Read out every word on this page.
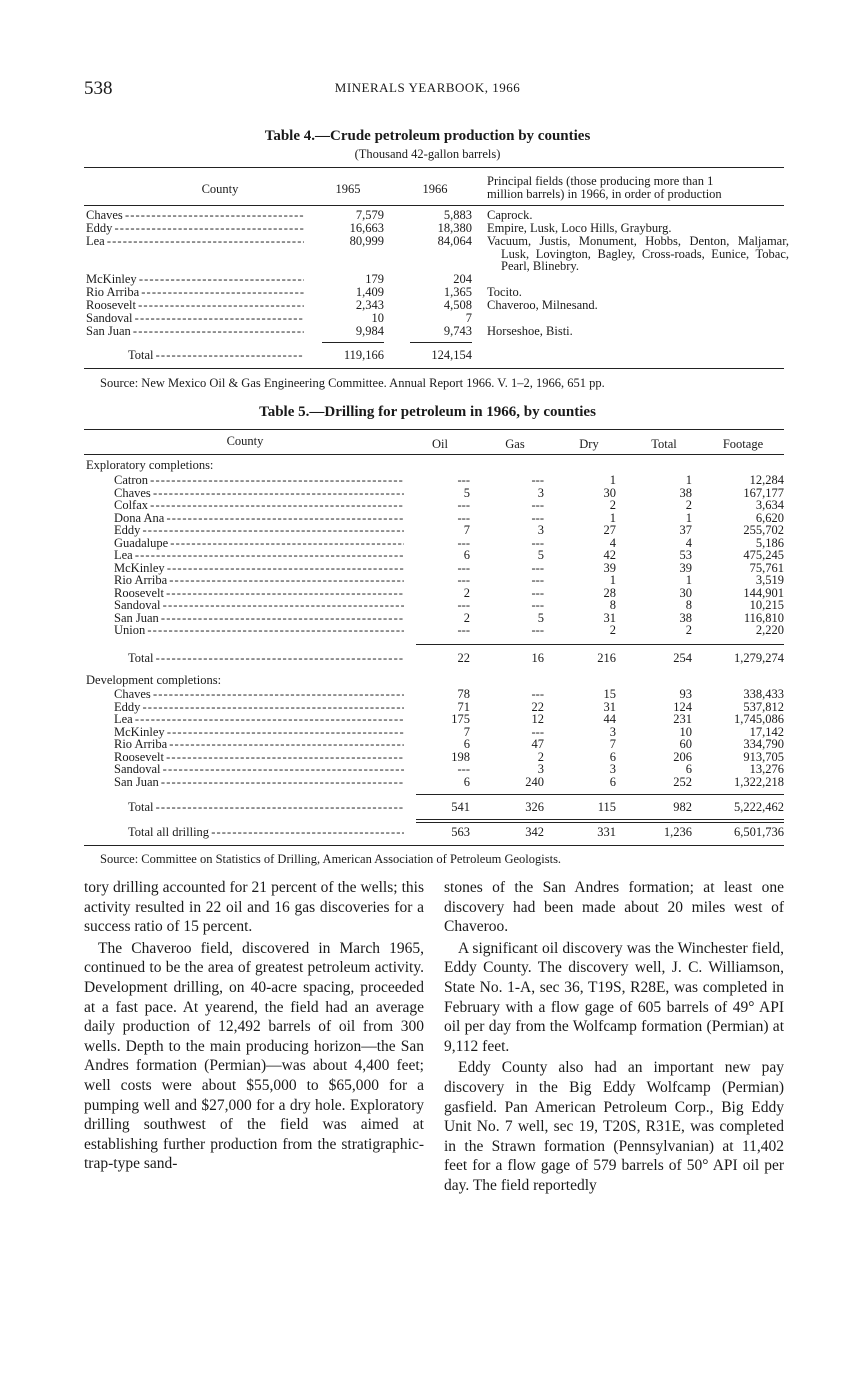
538	MINERALS YEARBOOK, 1966
Table 4.—Crude petroleum production by counties
(Thousand 42-gallon barrels)
County	1965	1966
Principal fields (those producing more than 1
million barrels) in 1966, in order of production
Chaves - - -	7,579	5,883 Caprock.
Eddy - - -	16,663	18,380 Empire, Lusk, Loco Hills, Grayburg.
Lea - - -	80,999	84,064 Vacuum, Justis, Monument, Hobbs, Denton, Maljamar, Lusk, Lovington, Bagley, Cross-roads, Eunice, Tobac, Pearl, Blinebry.
McKinley - - -	179	204
Rio Arriba - - -	1,409	1,365 Tocito.
Roosevelt - - -	2,343	4,508 Chaveroo, Milnesand.
Sandoval - - -	10	7
San Juan - - -	9,984	9,743 Horseshoe, Bisti.
Total - - -	119,166	124,154
Source: New Mexico Oil & Gas Engineering Committee. Annual Report 1966. V. 1–2, 1966, 651 pp.
Table 5.—Drilling for petroleum in 1966, by counties
County	Oil	Gas	Dry	Total	Footage
Exploratory completions:
Catron - - -	---	---	1	1	12,284
Chaves - - -	5	3	30	38	167,177
Colfax - - -	---	---	2	2	3,634
Dona Ana - - -	---	---	1	1	6,620
Eddy - - -	7	3	27	37	255,702
Guadalupe - - -	---	---	4	4	5,186
Lea - - -	6	5	42	53	475,245
McKinley - - -	---	---	39	39	75,761
Rio Arriba - - -	---	---	1	1	3,519
Roosevelt - - -	2	---	28	30	144,901
Sandoval - - -	---	---	8	8	10,215
San Juan - - -	2	5	31	38	116,810
Union - - -	---	---	2	2	2,220
Total - - -	22	16	216	254	1,279,274
Development completions:
Chaves - - -	78	---	15	93	338,433
Eddy - - -	71	22	31	124	537,812
Lea - - -	175	12	44	231	1,745,086
McKinley - - -	7	---	3	10	17,142
Rio Arriba - - -	6	47	7	60	334,790
Roosevelt - - -	198	2	6	206	913,705
Sandoval - - -	---	3	3	6	13,276
San Juan - - -	6	240	6	252	1,322,218
Total - - -	541	326	115	982	5,222,462
Total all drilling - - -	563	342	331	1,236	6,501,736
Source: Committee on Statistics of Drilling, American Association of Petroleum Geologists.

tory drilling accounted for 21 percent of the wells; this activity resulted in 22 oil and 16 gas discoveries for a success ratio of 15 percent.

The Chaveroo field, discovered in March 1965, continued to be the area of greatest petroleum activity. Development drilling, on 40-acre spacing, proceeded at a fast pace. At yearend, the field had an average daily production of 12,492 barrels of oil from 300 wells. Depth to the main producing horizon—the San Andres formation (Permian)—was about 4,400 feet; well costs were about $55,000 to $65,000 for a pumping well and $27,000 for a dry hole. Exploratory drilling southwest of the field was aimed at establishing further production from the stratigraphic-trap-type sand-

stones of the San Andres formation; at least one discovery had been made about 20 miles west of Chaveroo.

A significant oil discovery was the Winchester field, Eddy County. The discovery well, J. C. Williamson, State No. 1-A, sec 36, T19S, R28E, was completed in February with a flow gage of 605 barrels of 49° API oil per day from the Wolfcamp formation (Permian) at 9,112 feet.

Eddy County also had an important new pay discovery in the Big Eddy Wolfcamp (Permian) gasfield. Pan American Petroleum Corp., Big Eddy Unit No. 7 well, sec 19, T20S, R31E, was completed in the Strawn formation (Pennsylvanian) at 11,402 feet for a flow gage of 579 barrels of 50° API oil per day. The field reportedly
